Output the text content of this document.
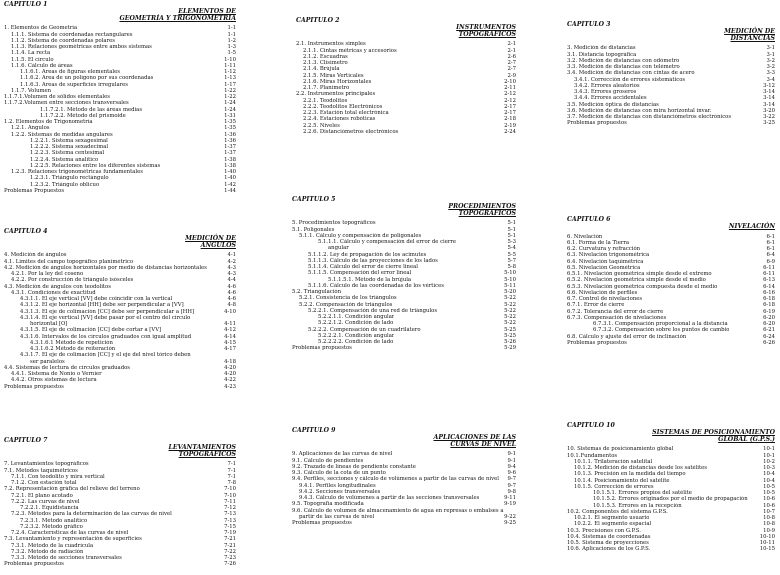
CAPITULO 1
ELEMENTOS DE
GEOMETRÍA Y TRIGONOMETRÍA
1. Elementos de Geometría	1-1
1.1.1. Sistema de coordenadas rectangulares	1-1
1.1.2. Sistema de coordenadas polares	1-2
1.1.3. Relaciones geométricas entre ambos sistemas	1-3
1.1.4. La recta	1-5
1.1.5. El círculo	1-10
1.1.6. Cálculo de áreas	1-11
1.1.6.1. Áreas de figuras elementales	1-12
1.1.6.2. Área de un polígono por sus coordenadas	1-13
1.1.6.3. Áreas de superficies irregulares	1-17
1.1.7. Volumen	1-22
1.1.7.1.Volumen de sólidos elementales	1-22
1.1.7.2.Volumen entre secciones transversales	1-24
1.1.7.2.1. Método de las áreas medias	1-24
1.1.7.2.2. Método del prismoide	1-31
1.2. Elementos de Trigonometría	1-35
1.2.1. Ángulos	1-35
1.2.2. Sistemas de medidas angulares	1-36
1.2.2.1. Sistema sexagesimal	1-36
1.2.2.2. Sistema sexadecimal	1-37
1.2.2.3. Sistema centesimal	1-37
1.2.2.4. Sistema analítico	1-38
1.2.2.5. Relaciones entre los diferentes sistemas	1-38
1.2.3. Relaciones trigonométricas fundamentales	1-40
1.2.3.1. Triángulo rectángulo	1-40
1.2.3.2. Triángulo oblicuo	1-42
Problemas Propuestos	1-44
CAPITULO 2
INSTRUMENTOS
TOPOGRÁFICOS
2.1. Instrumentos simples	2-1
2.1.1. Cintas métricas y accesorios	2-1
2.1.2. Escuadras	2-6
2.1.3. Clisímetro	2-7
2.1.4. Brújula	2-7
2.1.5. Miras Verticales	2-9
2.1.6. Miras Horizontales	2-10
2.1.7. Planímetro	2-11
2.2. Instrumentos principales	2-12
2.2.1. Teodolitos	2-12
2.2.2. Teodolitos Electrónicos	2-17
2.2.3. Estación total electrónica	2-17
2.2.4. Estaciones robóticas	2-18
2.2.5. Niveles	2-19
2.2.6. Distanciómetros electrónicos	2-24
CAPITULO 3
MEDICIÓN DE
DISTANCIAS
3. Medición de distancias	3-1
3.1. Distancia topográfica	3-1
3.2. Medición de distancias con odómetro	3-2
3.3. Medición de distancias con telémetro	3-2
3.4. Medición de distancias con cintas de acero	3-3
3.4.1. Corrección de errores sistemáticos	3-4
3.4.2. Errores aleatorios	3-12
3.4.3. Errores groseros	3-14
3.4.4. Errores accidentales	3-14
3.5. Medición óptica de distancias	3-14
3.6. Medición de distancias con mira horizontal invar.	3-20
3.7. Medición de distancias con distanciómetros electrónicos	3-22
Problemas propuestos	3-25
CAPITULO 4
MEDICIÓN DE
ÁNGULOS
4. Medición de ángulos	4-1
4.1. Límites del campo topográfico planimétrico	4-2
4.2. Medición de ángulos horizontales por medio de distancias horizontales	4-3
4.2.1. Por la ley del coseno	4-3
4.2.2. Por construcción de triángulo isósceles	4-4
4.3. Medición de ángulos con teodolitos	4-6
4.3.1. Condiciones de exactitud	4-6
4.3.1.1. El eje vertical [VV] debe coincidir con la vertical	4-6
4.3.1.2. El eje horizontal [HH] debe ser perpendicular a [VV]	4-8
4.3.1.3. El eje de colimación [CC] debe ser perpendicular a [HH]	4-10
4.3.1.4. El eje vertical [VV] debe pasar por el centro del círculo
horizontal [O]	4-11
4.3.1.5. El eje de colimación [CC] debe cortar a [VV]	4-12
4.3.1.6. Intervalos de los círculos graduados con igual amplitud	4-14
4.3.1.6.1 Método de repetición	4-15
4.3.1.6.2 Método de reiteración	4-17
4.3.1.7. El eje de colimación [CC] y el eje del nivel tórico deben
ser paralelos	4-18
4.4. Sistemas de lectura de círculos graduados	4-20
4.4.1. Sistema de Nonio o Vernier	4-20
4.4.2. Otros sistemas de lectura	4-22
Problemas propuestos	4-23
CAPITULO 5
PROCEDIMIENTOS
TOPOGRÁFICOS
5. Procedimientos topográficos	5-1
5.1. Poligonales	5-1
5.1.1. Cálculo y compensación de poligonales	5-1
5.1.1.1. Cálculo y compensación del error de cierre	5-3
angular	5-4
5.1.1.2. Ley de propagación de los acimutes	5-5
5.1.1.3. Cálculo de las proyecciones de los lados	5-7
5.1.1.4. Cálculo del error de cierre lineal	5-8
5.1.1.5. Compensación del error lineal	5-10
5.1.1.5.1. Método de la brújula	5-10
5.1.1.6. Cálculo de las coordenadas de los vértices	5-11
5.2. Triangulación	5-20
5.2.1. Consistencia de los triángulos	5-22
5.2.2. Compensación de triángulos	5-22
5.2.2.1. Compensación de una red de triángulos	5-22
5.2.2.1.1. Condición angular	5-22
5.2.2.1.2. Condición de lado	5-22
5.2.2.2. Compensación de un cuadrilátero	5-25
5.2.2.2.1. Condición angular	5-25
5.2.2.2.2. Condición de lado	5-26
Problemas propuestos	5-29
CAPITULO 6
NIVELACIÓN
6. Nivelación	6-1
6.1. Forma de la Tierra	6-1
6.2. Curvatura y refracción	6-1
6.3. Nivelación trigonométrica	6-4
6.4. Nivelación taquimétrica	6-9
6.5. Nivelación Geométrica	6-11
6.5.1. Nivelación geométrica simple desde el extremo	6-11
6.5.2. Nivelación geométrica simple desde el medio	6-13
6.5.3. Nivelación geométrica compuesta desde el medio	6-14
6.6. Nivelación de perfiles	6-16
6.7. Control de nivelaciones	6-18
6.7.1. Error de cierre	6-18
6.7.2. Tolerancia del error de cierre	6-19
6.7.3. Compensación de nivelaciones	6-20
6.7.3.1. Compensación proporcional a la distancia	6-20
6.7.3.2. Compensación sobre los puntos de cambio	6-21
6.8. Cálculo y ajuste del error de inclinación	6-24
Problemas propuestos	6-26
CAPITULO 7
LEVANTAMIENTOS
TOPOGRÁFICOS
7. Levantamientos topográficos	7-1
7.1. Métodos taquimétricos	7-1
7.1.1. Con teodolito y mira vertical	7-1
7.1.2. Con estación total	7-8
7.2. Representación gráfica del relieve del terreno	7-10
7.2.1. El plano acotado	7-10
7.2.2. Las curvas de nivel	7-11
7.2.2.1. Equidistancia	7-12
7.2.3. Métodos para la determinación de las curvas de nivel	7-13
7.2.3.1. Método analítico	7-13
7.2.3.2. Método gráfico	7-15
7.2.4. Características de las curvas de nivel	7-19
7.3. Levantamiento y representación de superficies	7-21
7.3.1. Método de la cuadrícula	7-21
7.3.2. Método de radiación	7-22
7.3.3. Método de secciones transversales	7-23
Problemas propuestos	7-26
CAPITULO 9
APLICACIONES DE LAS
CURVAS DE NIVEL
9. Aplicaciones de las curvas de nivel	9-1
9.1. Cálculo de pendientes	9-1
9.2. Trazado de líneas de pendiente constante	9-4
9.3. Cálculo de la cota de un punto	9-6
9.4. Perfiles, secciones y cálculo de volúmenes a partir de las curvas de nivel	9-7
9.4.1. Perfiles longitudinales	9-7
9.4.2. Secciones transversales	9-8
9.4.3. Cálculo de volúmenes a partir de las secciones transversales	9-11
9.5. Topografía modificada	9-19
9.6. Cálculo de volumen de almacenamiento de agua en represas o embalses a
partir de las curvas de nivel	9-22
Problemas propuestos	9-25
CAPITULO 10
SISTEMAS DE POSICIONAMIENTO
GLOBAL (G.P.S.)
10. Sistemas de posicionamiento global	10-1
10.1.Fundamentos	10-1
10.1.1. Trilateración satelital	10-2
10.1.2. Medición de distancias desde los satélites	10-3
10.1.3. Precisión en la medida del tiempo	10-4
10.1.4. Posicionamiento del satélite	10-4
10.1.5. Corrección de errores	10-5
10.1.5.1. Errores propios del satélite	10-5
10.1.5.2. Errores originados por el medio de propagación	10-6
10.1.5.3. Errores en la recepción	10-6
10.2. Componentes del sistema G.P.S.	10-7
10.2.1. El segmento usuario	10-8
10.2.2. El segmento espacial	10-8
10.3. Precisiones con G.P.S.	10-9
10.4. Sistemas de coordenadas	10-10
10.5. Sistema de proyecciones	10-11
10.6. Aplicaciones de los G.P.S.	10-15
